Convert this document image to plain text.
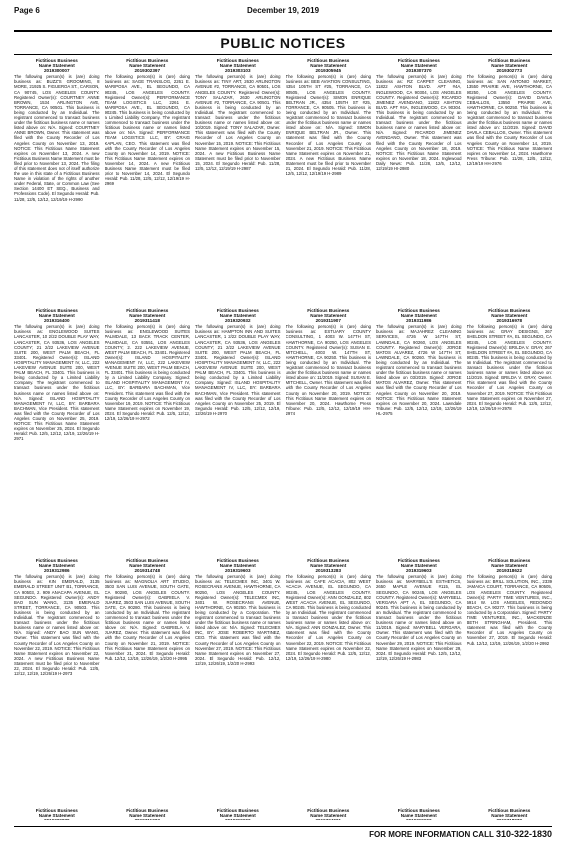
Page 6	December 19, 2019
PUBLIC NOTICES
Fictitious Business
Name Statement
2019300007
The following person(s) is (are) doing business as: BUZZ'S GROOMING, 8 MORE, 21925 S. FIGUEROA ST., CARSON, CA 90745, LOS ANGELES COUNTY. Registered Owner(s): COURTNEY ANNE BROWN, 1534 ARLINGTON AVE, TORRANCE, CA 90501. This business is being conducted by an Individual. The registrant commenced to transact business under the fictitious business name or names listed above on: N/A. Signed: COURTNEY ANNE BROWN, Owner. This statement was filed with the County Recorder of Los Angeles County on November 13, 2019. NOTICE: This Fictitious Name Statement expires on November 13, 2024. A new Fictitious Business Name Statement must be filed prior to November 13, 2024. The filing of this statement does not of itself authorize the use in this state of a Fictitious Business Name in violation of the rights of another under Federal, State, or Common Law (See Section 14400 ET SEQ., Business and Professions Code). El Segundo Herald: Pub. 11/28, 12/5, 12/12, 12/19/19 H-2990
Fictitious Business
Name Statement
2019316400
The following person(s) is (are) doing business as: ENGLEWOOD SUITES LANCASTER, 10 2/22 DOUBLE PLAY WAY, LANCASTER, CA 93536, LOS ANGELES COUNTY; 21 2/22 LAKEVIEW AVENUE SUITE 200, WEST PALM BEACH, FL 33401. Registered Owner(s): ISLAND HOSPITALITY MANAGEMENT IV, LLC, 222 LAKEVIEW AVENUE SUITE 200, WEST PALM BEACH, FL 33401. This business is being conducted by a Limited Liability Company. The registrant commenced to transact business under the fictitious business name or names listed above on: N/A. Signed: ISLAND HOSPITALITY MANAGEMENT IV, LLC, BY: BARBARA BACHMAN, Vice President. This statement was filed with the County Recorder of Los Angeles County on November 25, 2019. NOTICE: This Fictitious Name Statement expires on November 25, 2024. El Segundo Herald: Pub. 12/5, 12/12, 12/19, 12/26/19 H-2971
Fictitious Business
Name Statement
2019312986
The following person(s) is (are) doing business as: KIN EMERALD, 3135 EMERALD STREET UNIT B1, TORRANCE, CA 90503, 2. 909 ANACAPA AVENUE, EL SEGUNDO. Registered Owner(s): ANDY BAO SUN WANG, 3135 EMERALD STREET, TORRANCE, CA 90503. This business is being conducted by an Individual. The registrant commenced to transact business under the fictitious business name or names listed above on: N/A. Signed: ANDY BAO SUN WANG, Owner. This statement was filed with the County Recorder of Los Angeles County on November 22, 2019. NOTICE: This Fictitious Name Statement expires on November 22, 2024. A new Fictitious Business Name Statement must be filed prior to November 22, 2024. El Segundo Herald: Pub. 12/5, 12/12, 12/19, 12/26/19 H-2973
Fictitious Business
Name Statement
Fictitious Business
Name Statement
2019302397
The following person(s) is (are) doing business as: SAGE TRANSLOG, 2261 E. MARIPOSA AVE., EL SEGUNDO, CA 90245, LOS ANGELES COUNTY. Registered Owner(s): PERFORMANCE TEAM LOGISTICS LLC, 2261 E. MARIPOSA AVE., EL SEGUNDO, CA 90245. This business is being conducted by a Limited Liability Company. The registrant commenced to transact business under the fictitious business name or names listed above on: N/A. Signed: PERFORMANCE TEAM LOGISTICS LLC, BY: CRAIG KAPLAN, CEO. This statement was filed with the County Recorder of Los Angeles County on November 14, 2019. NOTICE: This Fictitious Name Statement expires on November 14, 2024. A new Fictitious Business Name Statement must be filed prior to November 14, 2024. El Segundo Herald: Pub. 11/28, 12/5, 12/12, 12/19/19 H-2969
Fictitious Business
Name Statement
2019311418
The following person(s) is (are) doing business as: ENGLEWOOD SUITES PALMDALE, 13 BACK TRACK CENTER, PALMDALE, CA 93551, LOS ANGELES COUNTY; 2. 222 LAKEVIEW AVENUE, WEST PALM BEACH, FL 33401. Registered Owner(s): ISLAND HOSPITALITY MANAGEMENT IV, LLC, 222 LAKEVIEW AVENUE SUITE 200, WEST PALM BEACH, FL 33401. This business is being conducted by a Limited Liability Company. Signed: ISLAND HOSPITALITY MANAGEMENT IV, LLC, BY: BARBARA BACHMAN, Vice President. This statement was filed with the County Recorder of Los Angeles County on November 19, 2019. NOTICE: This Fictitious Name Statement expires on November 19, 2024. El Segundo Herald: Pub. 12/5, 12/12, 12/19, 12/26/19 H-2972
Fictitious Business
Name Statement
2019314748
The following person(s) is (are) doing business as: MAGNOLIA ART STUDIO, 3503 SAN LUIS AVENUE, SOUTH GATE, CA 90280, LOS ANGELES COUNTY. Registered Owner(s): GABRIELA V. JUAREZ, 3503 SAN LUIS AVENUE, SOUTH GATE, CA 90280. This business is being conducted by an Individual. The registrant commenced to transact business under the fictitious business name or names listed above on: N/A. Signed: GABRIELA V. JUAREZ, Owner. This statement was filed with the County Recorder of Los Angeles County on November 21, 2019. NOTICE: This Fictitious Name Statement expires on November 21, 2024. El Segundo Herald: Pub. 12/12, 12/19, 12/26/19, 1/2/20 H-2995
Fictitious Business
Name Statement
Fictitious Business
Name Statement
2019303103
The following person(s) is (are) doing business as: TINY ART, 2630 ARLINGTON AVENUE #2, TORRANCE, CA 90501, LOS ANGELES COUNTY. Registered Owner(s): TONY SALAZAR, 2630 ARLINGTON AVENUE #2, TORRANCE, CA 90501. This business is being conducted by an Individual. The registrant commenced to transact business under the fictitious business name or names listed above on: 10/2019. Signed: TONY SALAZAR, Owner. This statement was filed with the County Recorder of Los Angeles County on November 15, 2019. NOTICE: This Fictitious Name Statement expires on November 15, 2024. A new Fictitious Business Name Statement must be filed prior to November 15, 2024. El Segundo Herald: Pub. 11/28, 12/5, 12/12, 12/19/19 H-2987
Fictitious Business
Name Statement
2019320932
The following person(s) is (are) doing business as: HAMPTON INN AND SUITES LANCASTER, 1 2/22 DOUBLE PLAY WAY, LANCASTER, CA 93536, LOS ANGELES COUNTY; 21 2/22 LAKEVIEW AVENUE SUITE 200, WEST PALM BEACH, FL 33401. Registered Owner(s): ISLAND HOSPITALITY MANAGEMENT IV, LLC, 222 LAKEVIEW AVENUE SUITE 200, WEST PALM BEACH, FL 33401. This business is being conducted by a Limited Liability Company. Signed: ISLAND HOSPITALITY MANAGEMENT IV, LLC, BY: BARBARA BACHMAN, Vice President. This statement was filed with the County Recorder of Los Angeles County on November 25, 2019. El Segundo Herald: Pub. 12/5, 12/12, 12/19, 12/26/19 H-2970
Fictitious Business
Name Statement
2019319603
The following person(s) is (are) doing business as: TELECMEX INC, 3401 W. ROSECRANS AVENUE, HAWTHORNE, CA 90250, LOS ANGELES COUNTY. Registered Owner(s): TELECMEX INC, 3401 W. ROSECRANS AVENUE, HAWTHORNE, CA 90250. This business is being conducted by a Corporation. The registrant commenced to transact business under the fictitious business name or names listed above on: N/A. Signed: TELECMEX INC, BY: JOSE ROBERTO MARTINEZ, CEO. This statement was filed with the County Recorder of Los Angeles County on November 27, 2019. NOTICE: This Fictitious Name Statement expires on November 27, 2024. El Segundo Herald: Pub. 12/12, 12/19, 12/26/19, 1/2/20 H-2993
Fictitious Business
Name Statement
Fictitious Business
Name Statement
2019305945
The following person(s) is (are) doing business as: BEB AVIATION CONSULTING, 4354 105TH ST #25, TORRANCE, CA 90505, LOS ANGELES COUNTY. Registered Owner(s): SIMON ENRIQUE BELTRAN JR., 4354 105TH ST #25, TORRANCE, CA 90505. This business is being conducted by an Individual. The registrant commenced to transact business under the fictitious business name or names listed above on: N/A. Signed: SIMON ENRIQUE BELTRAN JR., Owner. This statement was filed with the County Recorder of Los Angeles County on November 21, 2019. NOTICE: This Fictitious Name Statement expires on November 21, 2024. A new Fictitious Business Name Statement must be filed prior to November 21, 2024. El Segundo Herald: Pub. 11/28, 12/5, 12/12, 12/19/19 H-2989
Fictitious Business
Name Statement
2019311907
The following person(s) is (are) doing business as: ESTUARY COUNTY CONSULTING, 1 4003 W. 147TH ST, HAWTHORNE, CA 90250, LOS ANGELES COUNTY. Registered Owner(s): SUSAN E. MITCHELL, 4003 W. 147TH ST, HAWTHORNE, CA 90250. This business is being conducted by an Individual. The registrant commenced to transact business under the fictitious business name or names listed above on: 11/2019. Signed: SUSAN E. MITCHELL, Owner. This statement was filed with the County Recorder of Los Angeles County on November 20, 2019. NOTICE: This Fictitious Name Statement expires on November 20, 2024. Hawthorne Press Tribune: Pub. 12/5, 12/12, 12/19/19 HH-2974
Fictitious Business
Name Statement
2019313283
The following person(s) is (are) doing business as: CAFE ACACIA, 802 WEST ACACIA AVENUE, EL SEGUNDO, CA 90245, LOS ANGELES COUNTY. Registered Owner(s): ANN GONZALEZ, 802 WEST ACACIA AVENUE, EL SEGUNDO, CA 90245. This business is being conducted by an Individual. The registrant commenced to transact business under the fictitious business name or names listed above on: N/A. Signed: ANN GONZALEZ, Owner. This statement was filed with the County Recorder of Los Angeles County on November 22, 2019. NOTICE: This Fictitious Name Statement expires on November 22, 2024. El Segundo Herald: Pub. 12/5, 12/12, 12/19, 12/26/19 H-2980
Fictitious Business
Name Statement
Fictitious Business
Name Statement
2019307370
The following person(s) is (are) doing business as: RZ CARPET CLEANING, 11822 ASHTON BLVD. APT #4A, INGLEWOOD, CA 90304, LOS ANGELES COUNTY. Registered Owner(s): RICARDO JIMENEZ AVENDANO, 11822 ASHTON BLVD. APT #4A, INGLEWOOD, CA 90304. This business is being conducted by an Individual. The registrant commenced to transact business under the fictitious business name or names listed above on: N/A. Signed: RICARDO JIMENEZ AVENDANO, Owner. This statement was filed with the County Recorder of Los Angeles County on November 18, 2019. NOTICE: This Fictitious Name Statement expires on November 18, 2024. Inglewood Daily News: Pub. 11/28, 12/5, 12/12, 12/19/19 HI-2980
Fictitious Business
Name Statement
2019311986
The following person(s) is (are) doing business as: MAJAHREZ CLEANING SERVICES, 4726 W 147TH ST, LAWNDALE, CA 90260, LOS ANGELES COUNTY. Registered Owner(s): JORGE MATOS ALVAREZ, 4726 W 147TH ST, LAWNDALE, CA 90260. This business is being conducted by an Individual. The registrant commenced to transact business under the fictitious business name or names listed above on 03/2019. Signed: JORGE MATOS ALVAREZ, Owner. This statement was filed with the County Recorder of Los Angeles County on November 20, 2019. NOTICE: This Fictitious Name Statement expires on November 20, 2024. Lawndale Tribune: Pub. 12/5, 12/12, 12/19, 12/26/19 HL-2975
Fictitious Business
Name Statement
2019319603
The following person(s) is (are) doing business as: MARYBELL'S ESTHETICS, 2650 MAPLE AVENUE #115, EL SEGUNDO, CA 90245, LOS ANGELES COUNTY. Registered Owner(s): MARYBELL VERGARA APT A, EL SEGUNDO, CA 90245. This business is being conducted by an Individual. The registrant commenced to transact business under the fictitious business name or names listed above on 11/2019. Signed: MARYBELL VERGARA, Owner. This statement was filed with the County Recorder of Los Angeles County on November 29, 2019. NOTICE: This Fictitious Name Statement expires on November 29, 2024. El Segundo Herald: Pub. 12/5, 12/12, 12/19, 12/26/19 H-2983
Fictitious Business
Name Statement
Fictitious Business
Name Statement
2019302773
The following person(s) is (are) doing business as: SAN ANTONIO MARKET, 13550 PRAIRIE AVE, HAWTHORNE, CA 90250, LOS ANGELES COUNTY. Registered Owner(s): DAVID DAVILA CEBALLOS, 13550 PRAIRIE AVE, HAWTHORNE, CA 90250. This business is being conducted by an Individual. The registrant commenced to transact business under the fictitious business name or names listed above on: 11/2019. Signed: DAVID DAVILA CEBALLOS, Owner. This statement was filed with the County Recorder of Los Angeles County on November 14, 2019. NOTICE: This Fictitious Name Statement expires on November 14, 2024. Hawthorne Press Tribune: Pub. 11/28, 12/5, 12/12, 12/19/19 HH-2976
Fictitious Business
Name Statement
2019316978
The following person(s) is (are) doing business as: GRAY DESIGNS, 267 SHELDON STREET #A, EL SEGUNDO, CA 90245, LOS ANGELES COUNTY. Registered Owner(s): BRILDA V. GRAY, 267 SHELDON STREET #A, EL SEGUNDO, CA 90245. This business is being conducted by an Individual. The registrant commenced to transact business under the fictitious business name or names listed above on: 11/2019. Signed: BRILDA V. GRAY, Owner. This statement was filed with the County Recorder of Los Angeles County on November 27, 2019. NOTICE: This Fictitious Name Statement expires on November 27, 2024. El Segundo Herald: Pub. 12/5, 12/12, 12/19, 12/26/19 H-2978
Fictitious Business
Name Statement
2019318622
The following person(s) is (are) doing business as: BRILL SOLUTION, INC., 2339 JAMAICA COURT, TORRANCE, CA 90505, LOS ANGELES COUNTY. Registered Owner(s): PARTY TIME VENTURES, INC., 5914 W. LOS ANGELES, REDONDO BEACH, CA 90277. This business is being conducted by a Corporation. Signed: PARTY TIME VENTURES, INC., MACKENZIE BETH STRINGHAM, President. This statement was filed with the County Recorder of Los Angeles County on November 27, 2019. El Segundo Herald: Pub. 12/12, 12/19, 12/26/19, 1/2/20 H-2992
Fictitious Business
Name Statement
FOR MORE INFORMATION CALL 310-322-1830
